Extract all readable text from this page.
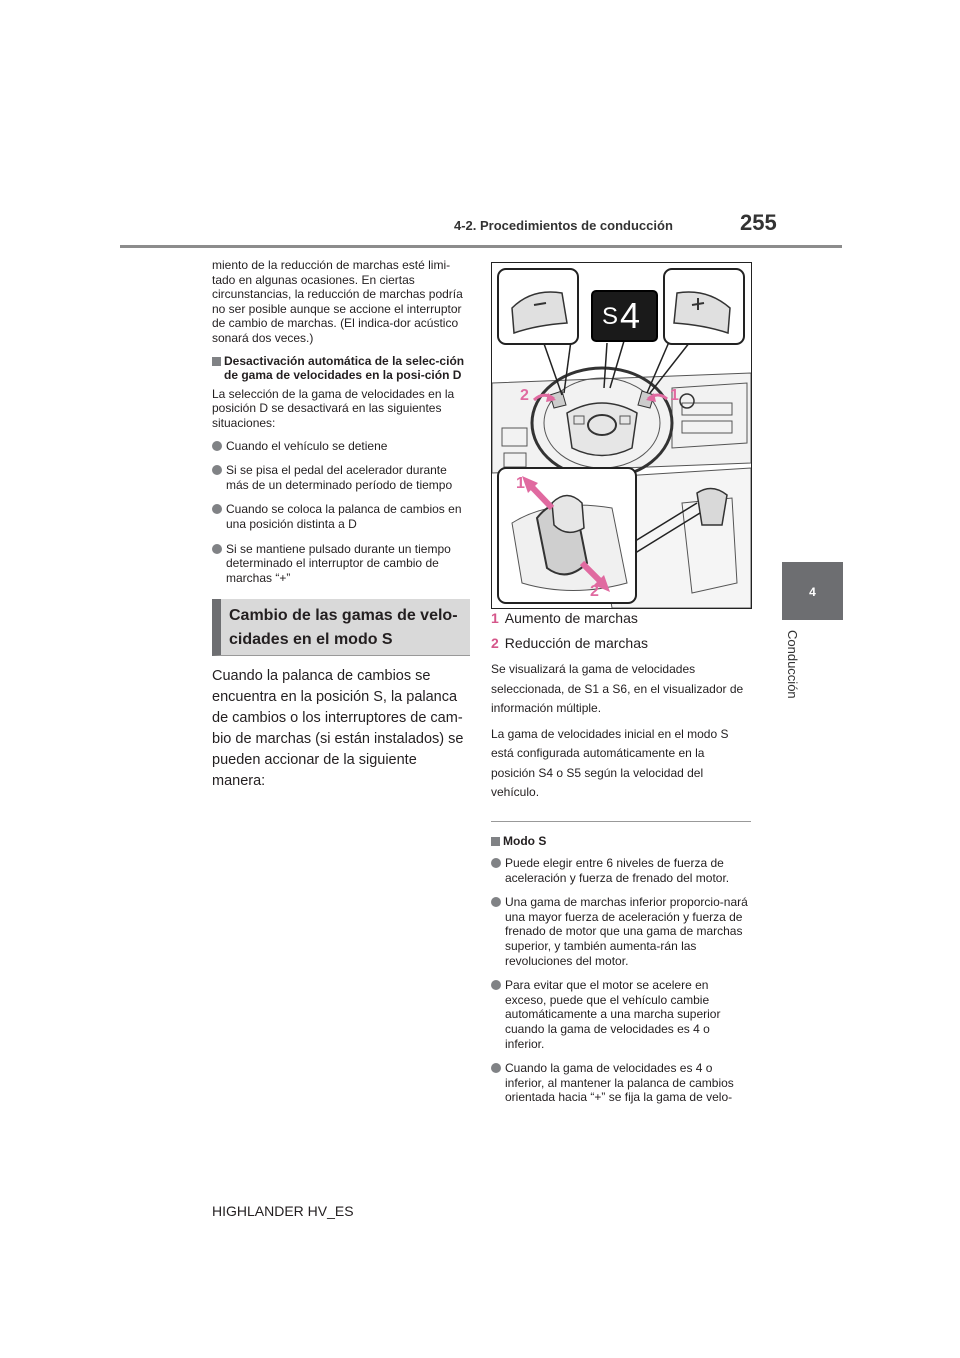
4-2. Procedimientos de conducción	255
4
Conducción

miento de la reducción de marchas esté limi-tado en algunas ocasiones. En ciertas circunstancias, la reducción de marchas podría no ser posible aunque se accione el interruptor de cambio de marchas. (El indica-dor acústico sonará dos veces.)

Desactivación automática de la selec-ción de gama de velocidades en la posi-ción D

La selección de la gama de velocidades en la posición D se desactivará en las siguientes situaciones:

Cuando el vehículo se detiene
Si se pisa el pedal del acelerador durante más de un determinado período de tiempo
Cuando se coloca la palanca de cambios en una posición distinta a D
Si se mantiene pulsado durante un tiempo determinado el interruptor de cambio de marchas “+”
Cambio de las gamas de velo-cidades en el modo S

Cuando la palanca de cambios se encuentra en la posición S, la palanca de cambios o los interruptores de cam-bio de marchas (si están instalados) se pueden accionar de la siguiente manera:

S 4
2	1
1
2
1 Aumento de marchas
2 Reducción de marchas

Se visualizará la gama de velocidades seleccionada, de S1 a S6, en el visualizador de información múltiple.

La gama de velocidades inicial en el modo S está configurada automáticamente en la posición S4 o S5 según la velocidad del vehículo.

Modo S
Puede elegir entre 6 niveles de fuerza de aceleración y fuerza de frenado del motor.
Una gama de marchas inferior proporcio-nará una mayor fuerza de aceleración y fuerza de frenado de motor que una gama de marchas superior, y también aumenta-rán las revoluciones del motor.
Para evitar que el motor se acelere en exceso, puede que el vehículo cambie automáticamente a una marcha superior cuando la gama de velocidades es 4 o inferior.
Cuando la gama de velocidades es 4 o inferior, al mantener la palanca de cambios orientada hacia “+” se fija la gama de velo-
HIGHLANDER HV_ES
